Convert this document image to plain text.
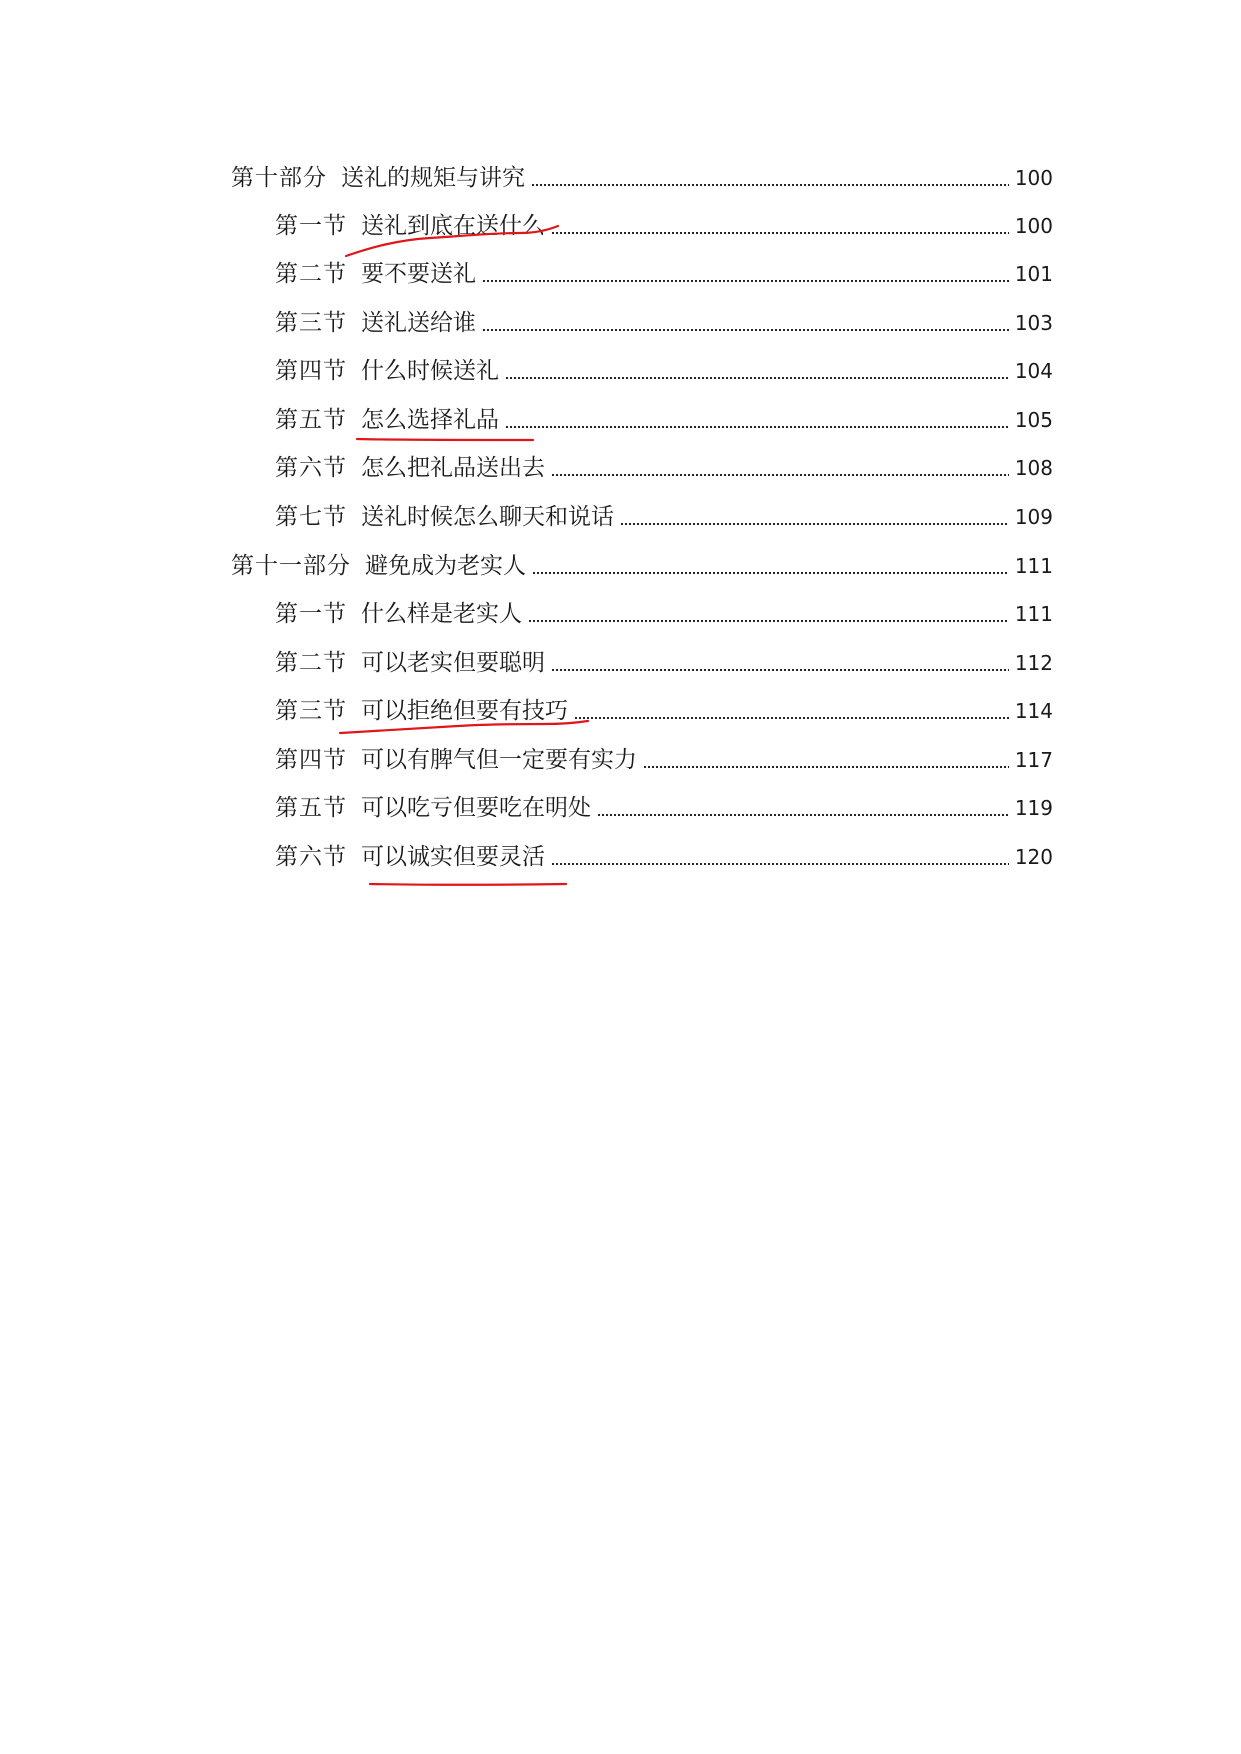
第十部分 送礼的规矩与讲究	100
第一节 送礼到底在送什么	100
第二节 要不要送礼	101
第三节 送礼送给谁	103
第四节 什么时候送礼	104
第五节 怎么选择礼品	105
第六节 怎么把礼品送出去	108
第七节 送礼时候怎么聊天和说话	109
第十一部分 避免成为老实人	111
第一节 什么样是老实人	111
第二节 可以老实但要聪明	112
第三节 可以拒绝但要有技巧	114
第四节 可以有脾气但一定要有实力	117
第五节 可以吃亏但要吃在明处	119
第六节 可以诚实但要灵活	120
